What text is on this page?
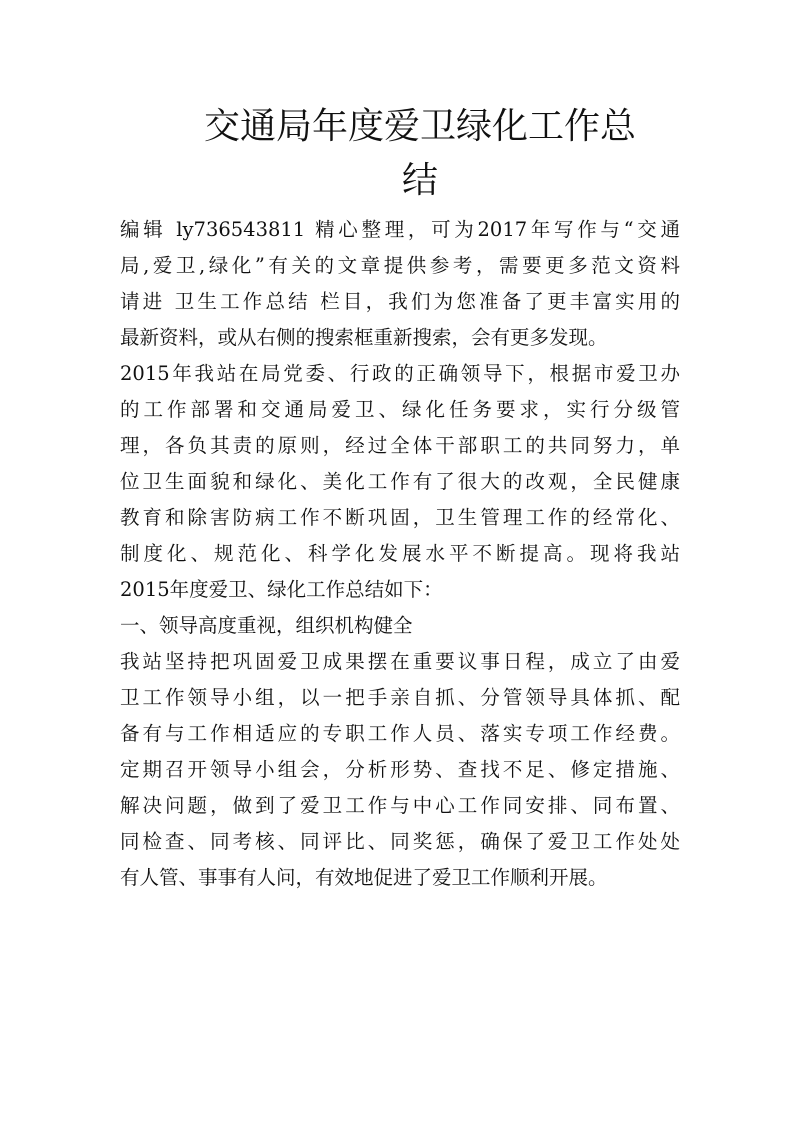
交通局年度爱卫绿化工作总
结
编辑 ly736543811 精心整理，可为2017年写作与“交通
局,爱卫,绿化”有关的文章提供参考，需要更多范文资料
请进 卫生工作总结 栏目，我们为您准备了更丰富实用的
最新资料，或从右侧的搜索框重新搜索，会有更多发现。
2015年我站在局党委、行政的正确领导下，根据市爱卫办
的工作部署和交通局爱卫、绿化任务要求，实行分级管
理，各负其责的原则，经过全体干部职工的共同努力，单
位卫生面貌和绿化、美化工作有了很大的改观，全民健康
教育和除害防病工作不断巩固，卫生管理工作的经常化、
制度化、规范化、科学化发展水平不断提高。现将我站
2015年度爱卫、绿化工作总结如下：
一、领导高度重视，组织机构健全
我站坚持把巩固爱卫成果摆在重要议事日程，成立了由爱
卫工作领导小组，以一把手亲自抓、分管领导具体抓、配
备有与工作相适应的专职工作人员、落实专项工作经费。
定期召开领导小组会，分析形势、查找不足、修定措施、
解决问题，做到了爱卫工作与中心工作同安排、同布置、
同检查、同考核、同评比、同奖惩，确保了爱卫工作处处
有人管、事事有人问，有效地促进了爱卫工作顺利开展。
